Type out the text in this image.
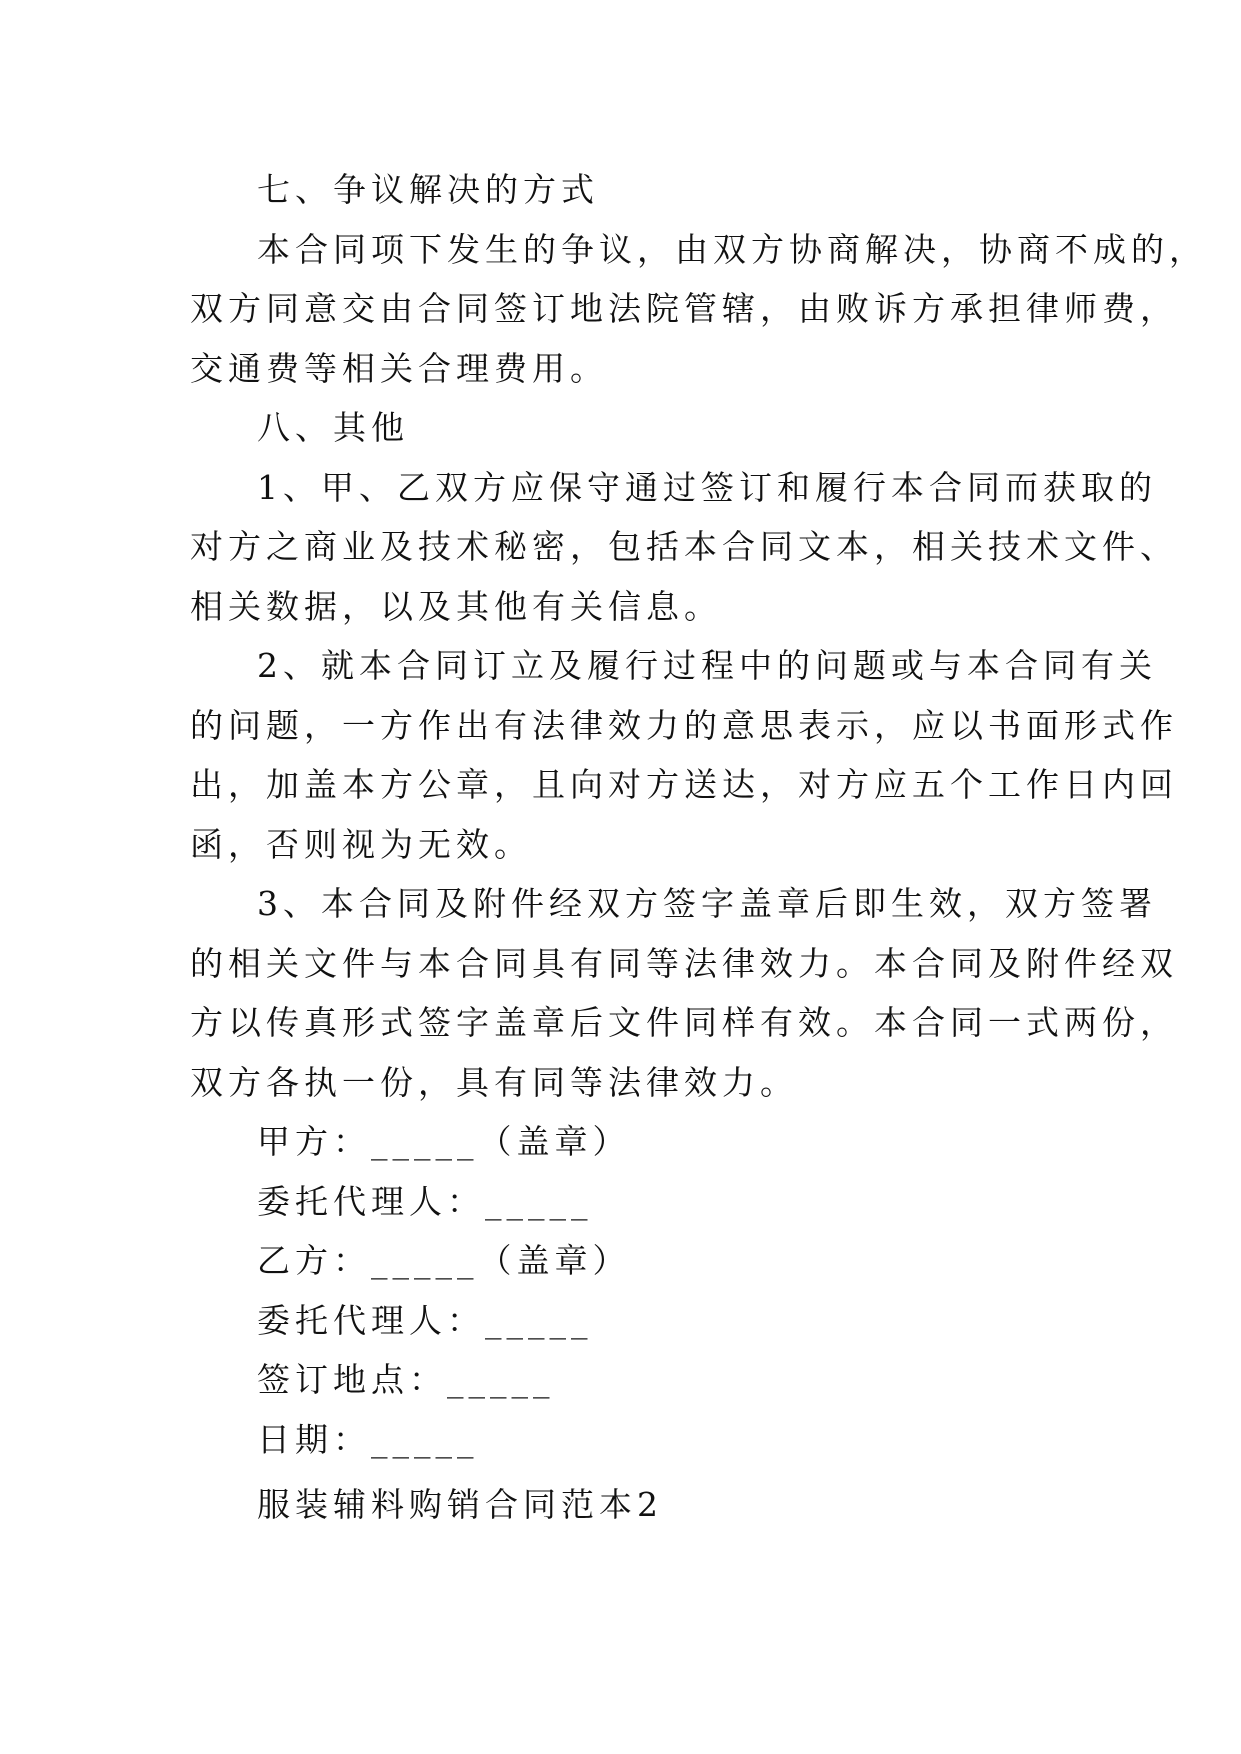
七、争议解决的方式

本合同项下发生的争议，由双方协商解决，协商不成的，

双方同意交由合同签订地法院管辖，由败诉方承担律师费，

交通费等相关合理费用。

八、其他

1、甲、乙双方应保守通过签订和履行本合同而获取的

对方之商业及技术秘密，包括本合同文本，相关技术文件、

相关数据，以及其他有关信息。

2、就本合同订立及履行过程中的问题或与本合同有关

的问题，一方作出有法律效力的意思表示，应以书面形式作

出，加盖本方公章，且向对方送达，对方应五个工作日内回

函，否则视为无效。

3、本合同及附件经双方签字盖章后即生效，双方签署

的相关文件与本合同具有同等法律效力。本合同及附件经双

方以传真形式签字盖章后文件同样有效。本合同一式两份，

双方各执一份，具有同等法律效力。

甲方：_____（盖章）

委托代理人：_____

乙方：_____（盖章）

委托代理人：_____

签订地点：_____

日期：_____

服装辅料购销合同范本2
